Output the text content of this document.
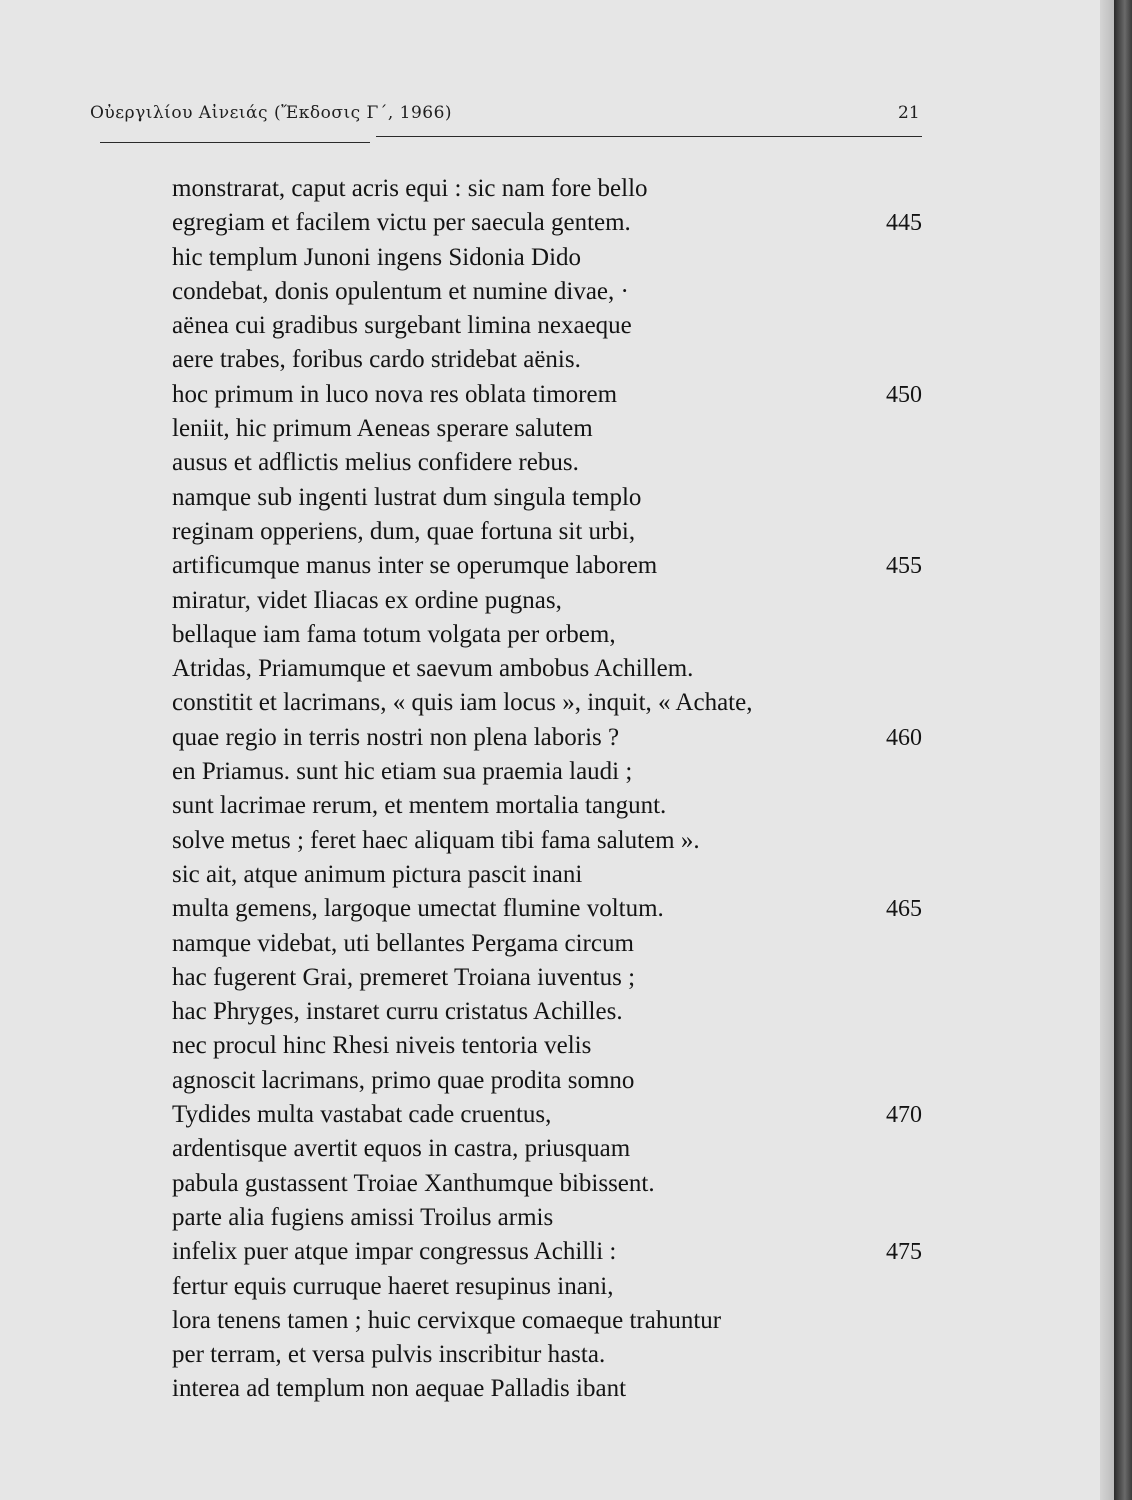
Οὐεργιλίου Αἰνειάς (Ἔκδοσις Γ΄, 1966)	21
monstrarat, caput acris equi : sic nam fore bello
egregiam et facilem victu per saecula gentem.	445
hic templum Junoni ingens Sidonia Dido
condebat, donis opulentum et numine divae, ·
aënea cui gradibus surgebant limina nexaeque
aere trabes, foribus cardo stridebat aënis.
hoc primum in luco nova res oblata timorem	450
leniit, hic primum Aeneas sperare salutem
ausus et adflictis melius confidere rebus.
namque sub ingenti lustrat dum singula templo
reginam opperiens, dum, quae fortuna sit urbi,
artificumque manus inter se operumque laborem	455
miratur, videt Iliacas ex ordine pugnas,
bellaque iam fama totum volgata per orbem,
Atridas, Priamumque et saevum ambobus Achillem.
constitit et lacrimans, « quis iam locus », inquit, « Achate,
quae regio in terris nostri non plena laboris ?	460
en Priamus. sunt hic etiam sua praemia laudi ;
sunt lacrimae rerum, et mentem mortalia tangunt.
solve metus ; feret haec aliquam tibi fama salutem ».
sic ait, atque animum pictura pascit inani
multa gemens, largoque umectat flumine voltum.	465
namque videbat, uti bellantes Pergama circum
hac fugerent Grai, premeret Troiana iuventus ;
hac Phryges, instaret curru cristatus Achilles.
nec procul hinc Rhesi niveis tentoria velis
agnoscit lacrimans, primo quae prodita somno
Tydides multa vastabat cade cruentus,	470
ardentisque avertit equos in castra, priusquam
pabula gustassent Troiae Xanthumque bibissent.
parte alia fugiens amissi Troilus armis
infelix puer atque impar congressus Achilli :	475
fertur equis curruque haeret resupinus inani,
lora tenens tamen ; huic cervixque comaeque trahuntur
per terram, et versa pulvis inscribitur hasta.
interea ad templum non aequae Palladis ibant
